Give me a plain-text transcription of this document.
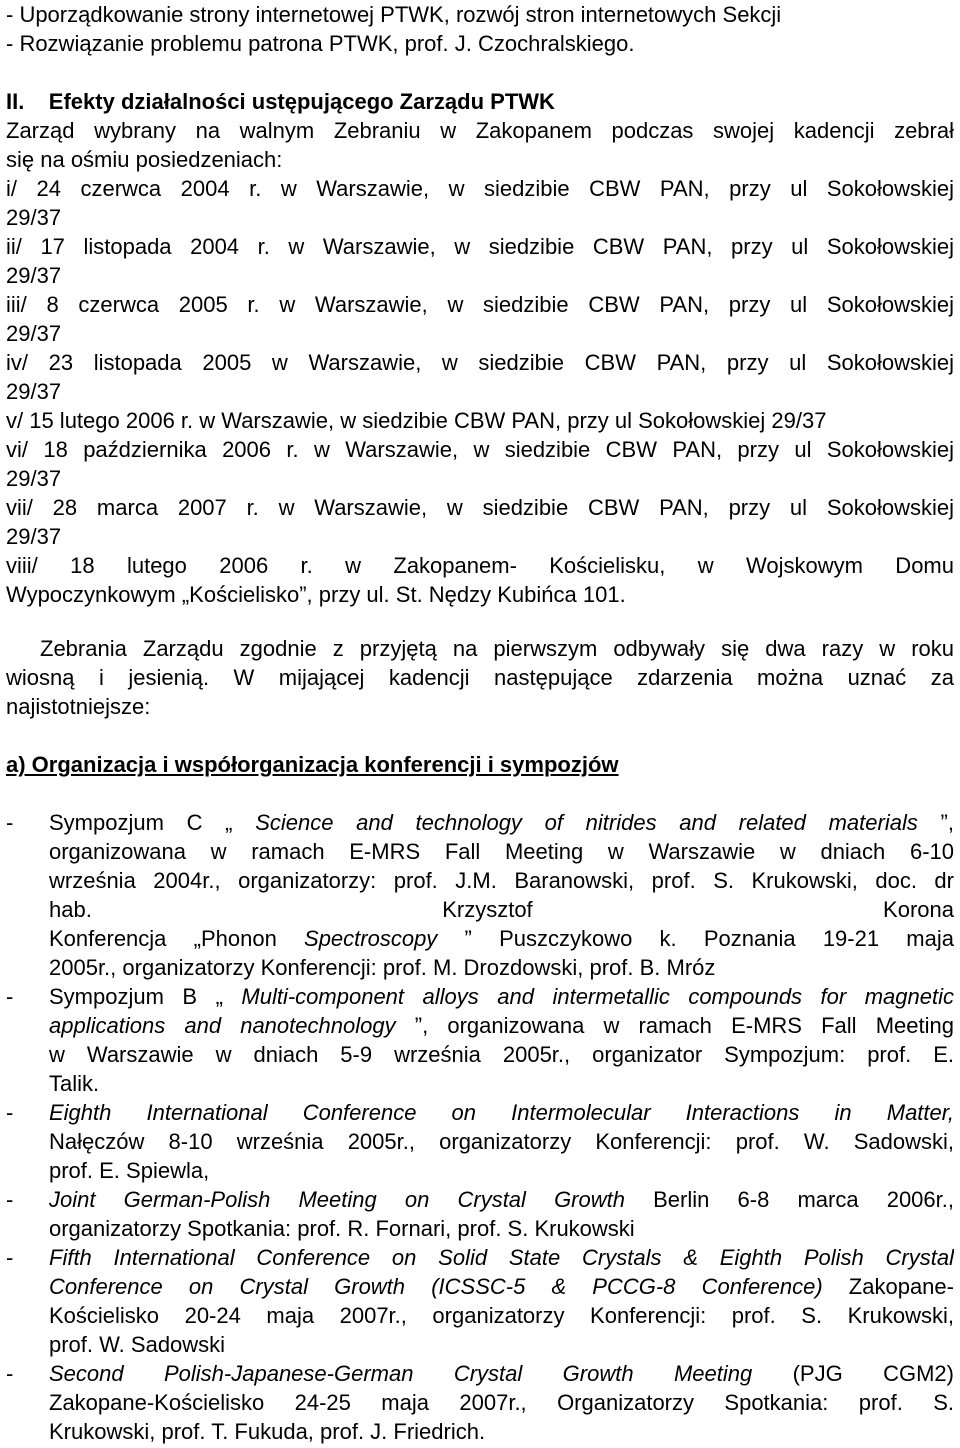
- Uporządkowanie strony internetowej PTWK, rozwój stron internetowych Sekcji
- Rozwiązanie problemu patrona PTWK, prof. J. Czochralskiego.
II. Efekty działalności ustępującego Zarządu PTWK
Zarząd wybrany na walnym Zebraniu w Zakopanem podczas swojej kadencji zebrał
się na ośmiu posiedzeniach:
i/ 24 czerwca 2004 r. w Warszawie, w siedzibie CBW PAN, przy ul Sokołowskiej
29/37
ii/ 17 listopada 2004 r. w Warszawie, w siedzibie CBW PAN, przy ul Sokołowskiej
29/37
iii/ 8 czerwca 2005 r. w Warszawie, w siedzibie CBW PAN, przy ul Sokołowskiej
29/37
iv/ 23 listopada 2005 w Warszawie, w siedzibie CBW PAN, przy ul Sokołowskiej
29/37
v/ 15 lutego 2006 r. w Warszawie, w siedzibie CBW PAN, przy ul Sokołowskiej 29/37
vi/ 18 października 2006 r. w Warszawie, w siedzibie CBW PAN, przy ul Sokołowskiej
29/37
vii/ 28 marca 2007 r. w Warszawie, w siedzibie CBW PAN, przy ul Sokołowskiej
29/37
viii/ 18 lutego 2006 r. w Zakopanem- Kościelisku, w Wojskowym Domu
Wypoczynkowym „Kościelisko”, przy ul. St. Nędzy Kubińca 101.
Zebrania Zarządu zgodnie z przyjętą na pierwszym odbywały się dwa razy w roku
wiosną i jesienią. W mijającej kadencji następujące zdarzenia można uznać za
najistotniejsze:
a) Organizacja i współorganizacja konferencji i sympozjów
- Sympozjum C „ Science and technology of nitrides and related materials ”,
organizowana w ramach E-MRS Fall Meeting w Warszawie w dniach 6-10
września 2004r., organizatorzy: prof. J.M. Baranowski, prof. S. Krukowski, doc. dr
hab. Krzysztof Korona
Konferencja „Phonon Spectroscopy ” Puszczykowo k. Poznania 19-21 maja
2005r., organizatorzy Konferencji: prof. M. Drozdowski, prof. B. Mróz
- Sympozjum B „ Multi-component alloys and intermetallic compounds for magnetic
applications and nanotechnology ”, organizowana w ramach E-MRS Fall Meeting
w Warszawie w dniach 5-9 września 2005r., organizator Sympozjum: prof. E.
Talik.
- Eighth International Conference on Intermolecular Interactions in Matter,
Nałęczów 8-10 września 2005r., organizatorzy Konferencji: prof. W. Sadowski,
prof. E. Spiewla,
- Joint German-Polish Meeting on Crystal Growth Berlin 6-8 marca 2006r.,
organizatorzy Spotkania: prof. R. Fornari, prof. S. Krukowski
- Fifth International Conference on Solid State Crystals & Eighth Polish Crystal
Conference on Crystal Growth (ICSSC-5 & PCCG-8 Conference) Zakopane-
Kościelisko 20-24 maja 2007r., organizatorzy Konferencji: prof. S. Krukowski,
prof. W. Sadowski
- Second Polish-Japanese-German Crystal Growth Meeting (PJG CGM2)
Zakopane-Kościelisko 24-25 maja 2007r., Organizatorzy Spotkania: prof. S.
Krukowski, prof. T. Fukuda, prof. J. Friedrich.
